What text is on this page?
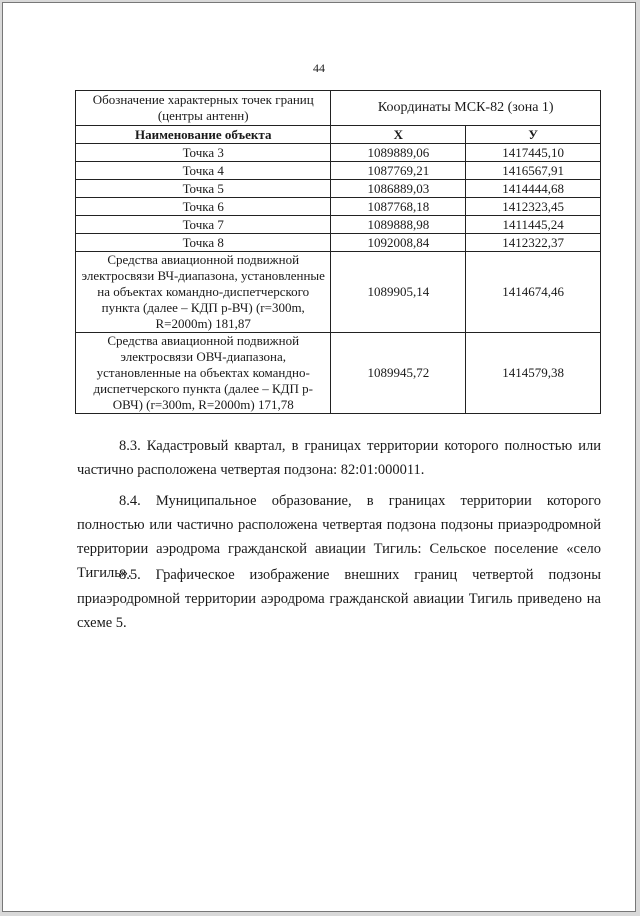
44
Обозначение характерных точек границ (центры антенн)	Координаты МСК-82 (зона 1)	
Наименование объекта	X	У
Точка 3	1089889,06	1417445,10
Точка 4	1087769,21	1416567,91
Точка 5	1086889,03	1414444,68
Точка 6	1087768,18	1412323,45
Точка 7	1089888,98	1411445,24
Точка 8	1092008,84	1412322,37
Средства авиационной подвижной электросвязи ВЧ-диапазона, установленные на объектах командно-диспетчерского пункта (далее – КДП р-ВЧ) (r=300m, R=2000m) 181,87	1089905,14	1414674,46
Средства авиационной подвижной электросвязи ОВЧ-диапазона, установленные на объектах командно-диспетчерского пункта (далее – КДП р-ОВЧ) (r=300m, R=2000m) 171,78	1089945,72	1414579,38

8.3. Кадастровый квартал, в границах территории которого полностью или частично расположена четвертая подзона: 82:01:000011.

8.4. Муниципальное образование, в границах территории которого полностью или частично расположена четвертая подзона подзоны приаэродромной территории аэродрома гражданской авиации Тигиль: Сельское поселение «село Тигиль».

8.5. Графическое изображение внешних границ четвертой подзоны приаэродромной территории аэродрома гражданской авиации Тигиль приведено на схеме 5.
